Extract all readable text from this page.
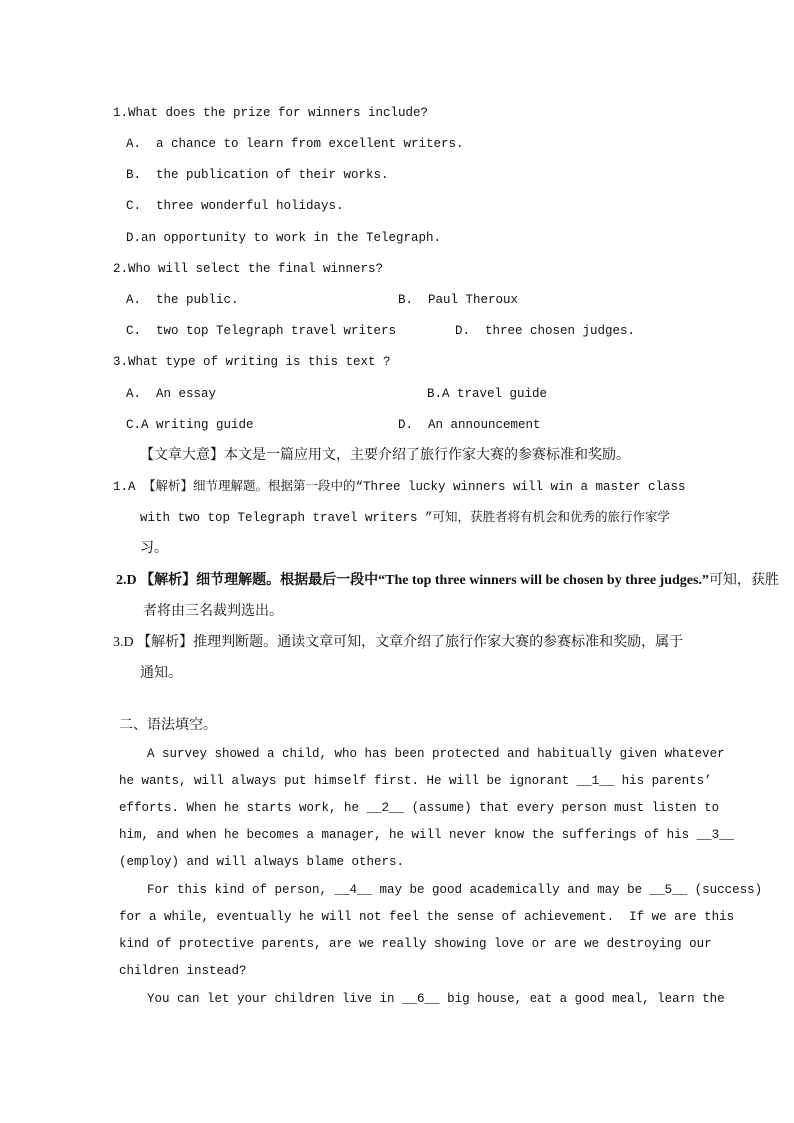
1.What does the prize for winners include?
A.  a chance to learn from excellent writers.
B.  the publication of their works.
C.  three wonderful holidays.
D.an opportunity to work in the Telegraph.
2.Who will select the final winners?
A.  the public.	B.  Paul Theroux
C.  two top Telegraph travel writers	D.  three chosen judges.
3.What type of writing is this text ?
A.  An essay	B.A travel guide
C.A writing guide	D.  An announcement
【文章大意】本文是一篇应用文，主要介绍了旅行作家大赛的参赛标准和奖励。
1.A 【解析】细节理解题。根据第一段中的“Three lucky winners will win a master class
with two top Telegraph travel writers ”可知，获胜者将有机会和优秀的旅行作家学
习。
2.D 【解析】细节理解题。根据最后一段中“The top three winners will be chosen by three judges.”可知，获胜
者将由三名裁判选出。
3.D 【解析】推理判断题。通读文章可知，文章介绍了旅行作家大赛的参赛标准和奖励，属于
通知。
二、语法填空。
A survey showed a child, who has been protected and habitually given whatever
he wants, will always put himself first. He will be ignorant __1__ his parents’
efforts. When he starts work, he __2__ (assume) that every person must listen to
him, and when he becomes a manager, he will never know the sufferings of his __3__
(employ) and will always blame others.
For this kind of person, __4__ may be good academically and may be __5__ (success)
for a while, eventually he will not feel the sense of achievement.  If we are this
kind of protective parents, are we really showing love or are we destroying our
children instead?
You can let your children live in __6__ big house, eat a good meal, learn the
